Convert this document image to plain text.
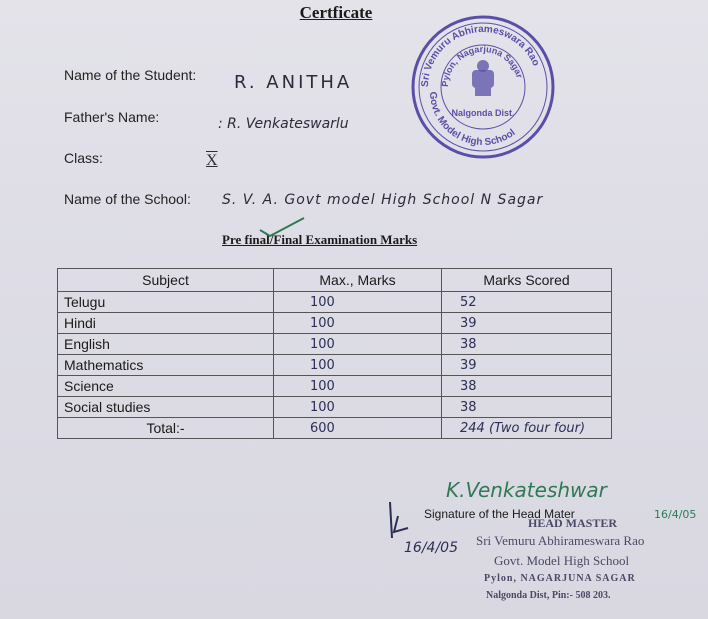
Certficate
Sri Vemuru Abhirameswara Rao
Govt. Model High School
Pylon, Nagarjuna Sagar
Nalgonda Dist.
Name of the Student: R. ANITHA
Father's Name:	: R. Venkateswarlu
Class:	X
Name of the School: S. V. A. Govt model High School N Sagar
Pre final/Final Examination Marks
Subject	Max., Marks	Marks Scored
Telugu	100	52
Hindi	100	39
English	100	38
Mathematics	100	39
Science	100	38
Social studies	100	38
Total:-	600	244 (Two four four)
K.Venkateshwar
16/4/05
Signature of the Head Mater
16/4/05
HEAD MASTER
Sri Vemuru Abhirameswara Rao
Govt. Model High School
Pylon, NAGARJUNA SAGAR
Nalgonda Dist, Pin:- 508 203.
